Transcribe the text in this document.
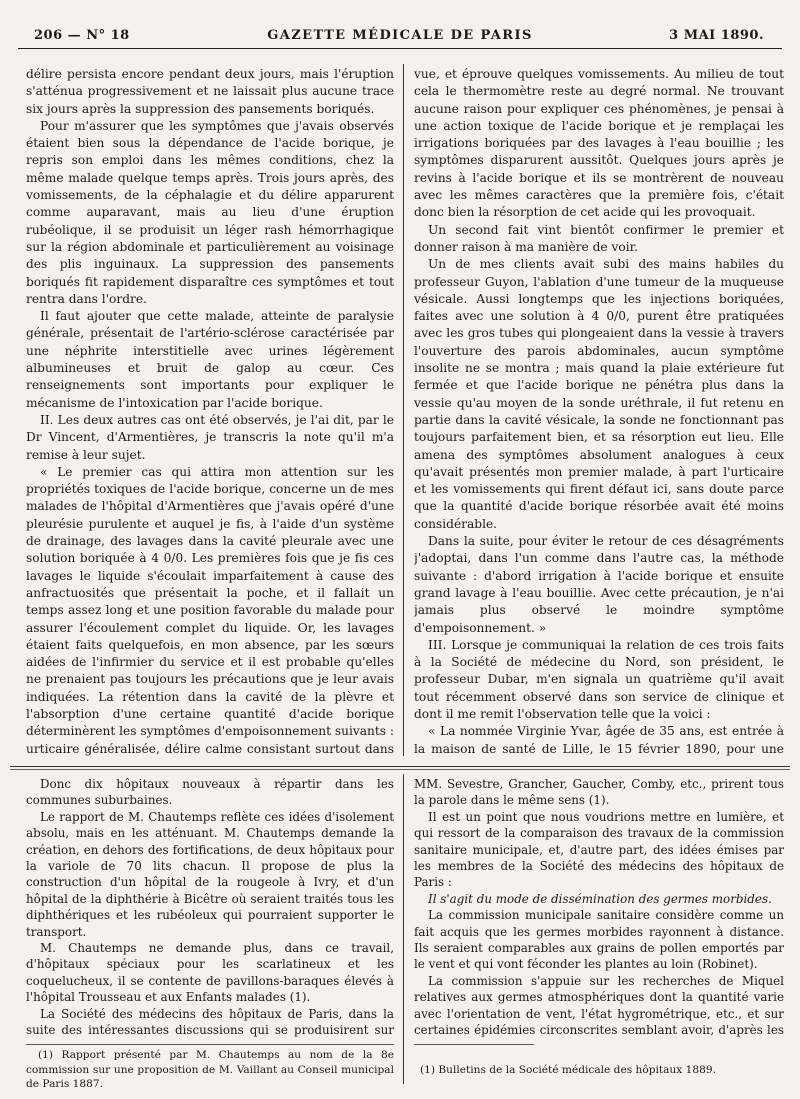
206 — N° 18	GAZETTE MÉDICALE DE PARIS	3 MAI 1890.

délire persista encore pendant deux jours, mais l'éruption s'atténua progressivement et ne laissait plus aucune trace six jours après la suppression des pansements boriqués.

Pour m'assurer que les symptômes que j'avais observés étaient bien sous la dépendance de l'acide borique, je repris son emploi dans les mêmes conditions, chez la même malade quelque temps après. Trois jours après, des vomissements, de la céphalagie et du délire apparurent comme auparavant, mais au lieu d'une éruption rubéolique, il se produisit un léger rash hémorrhagique sur la région abdominale et particulièrement au voisinage des plis inguinaux. La suppression des pansements boriqués fit rapidement disparaître ces symptômes et tout rentra dans l'ordre.

Il faut ajouter que cette malade, atteinte de paralysie générale, présentait de l'artério-sclérose caractérisée par une néphrite interstitielle avec urines légèrement albumineuses et bruit de galop au cœur. Ces renseignements sont importants pour expliquer le mécanisme de l'intoxication par l'acide borique.

II. Les deux autres cas ont été observés, je l'ai dit, par le Dr Vincent, d'Armentières, je transcris la note qu'il m'a remise à leur sujet.

« Le premier cas qui attira mon attention sur les propriétés toxiques de l'acide borique, concerne un de mes malades de l'hôpital d'Armentières que j'avais opéré d'une pleurésie purulente et auquel je fis, à l'aide d'un système de drainage, des lavages dans la cavité pleurale avec une solution boriquée à 4 0/0. Les premières fois que je fis ces lavages le liquide s'écoulait imparfaitement à cause des anfractuosités que présentait la poche, et il fallait un temps assez long et une position favorable du malade pour assurer l'écoulement complet du liquide. Or, les lavages étaient faits quelquefois, en mon absence, par les sœurs aidées de l'infirmier du service et il est probable qu'elles ne prenaient pas toujours les précautions que je leur avais indiquées. La rétention dans la cavité de la plèvre et l'absorption d'une certaine quantité d'acide borique déterminèrent les symptômes d'empoisonnement suivants : urticaire généralisée, délire calme consistant surtout dans

vue, et éprouve quelques vomissements. Au milieu de tout cela le thermomètre reste au degré normal. Ne trouvant aucune raison pour expliquer ces phénomènes, je pensai à une action toxique de l'acide borique et je remplaçai les irrigations boriquées par des lavages à l'eau bouillie ; les symptômes disparurent aussitôt. Quelques jours après je revins à l'acide borique et ils se montrèrent de nouveau avec les mêmes caractères que la première fois, c'était donc bien la résorption de cet acide qui les provoquait.

Un second fait vint bientôt confirmer le premier et donner raison à ma manière de voir.

Un de mes clients avait subi des mains habiles du professeur Guyon, l'ablation d'une tumeur de la muqueuse vésicale. Aussi longtemps que les injections boriquées, faites avec une solution à 4 0/0, purent être pratiquées avec les gros tubes qui plongeaient dans la vessie à travers l'ouverture des parois abdominales, aucun symptôme insolite ne se montra ; mais quand la plaie extérieure fut fermée et que l'acide borique ne pénétra plus dans la vessie qu'au moyen de la sonde uréthrale, il fut retenu en partie dans la cavité vésicale, la sonde ne fonctionnant pas toujours parfaitement bien, et sa résorption eut lieu. Elle amena des symptômes absolument analogues à ceux qu'avait présentés mon premier malade, à part l'urticaire et les vomissements qui firent défaut ici, sans doute parce que la quantité d'acide borique résorbée avait été moins considérable.

Dans la suite, pour éviter le retour de ces désagréments j'adoptai, dans l'un comme dans l'autre cas, la méthode suivante : d'abord irrigation à l'acide borique et ensuite grand lavage à l'eau bouillie. Avec cette précaution, je n'ai jamais plus observé le moindre symptôme d'empoisonnement. »

III. Lorsque je communiquai la relation de ces trois faits à la Société de médecine du Nord, son président, le professeur Dubar, m'en signala un quatrième qu'il avait tout récemment observé dans son service de clinique et dont il me remit l'observation telle que la voici :

« La nommée Virginie Yvar, âgée de 35 ans, est entrée à la maison de santé de Lille, le 15 février 1890, pour une

Donc dix hôpitaux nouveaux à répartir dans les communes suburbaines.

Le rapport de M. Chautemps reflète ces idées d'isolement absolu, mais en les atténuant. M. Chautemps demande la création, en dehors des fortifications, de deux hôpitaux pour la variole de 70 lits chacun. Il propose de plus la construction d'un hôpital de la rougeole à Ivry, et d'un hôpital de la diphthérie à Bicêtre où seraient traités tous les diphthériques et les rubéoleux qui pourraient supporter le transport.

M. Chautemps ne demande plus, dans ce travail, d'hôpitaux spéciaux pour les scarlatineux et les coquelucheux, il se contente de pavillons-baraques élevés à l'hôpital Trousseau et aux Enfants malades (1).

La Société des médecins des hôpitaux de Paris, dans la suite des intéressantes discussions qui se produisirent sur

MM. Sevestre, Grancher, Gaucher, Comby, etc., prirent tous la parole dans le même sens (1).

Il est un point que nous voudrions mettre en lumière, et qui ressort de la comparaison des travaux de la commission sanitaire municipale, et, d'autre part, des idées émises par les membres de la Société des médecins des hôpitaux de Paris :

Il s'agit du mode de dissémination des germes morbides.

La commission municipale sanitaire considère comme un fait acquis que les germes morbides rayonnent à distance. Ils seraient comparables aux grains de pollen emportés par le vent et qui vont féconder les plantes au loin (Robinet).

La commission s'appuie sur les recherches de Miquel relatives aux germes atmosphériques dont la quantité varie avec l'orientation de vent, l'état hygrométrique, etc., et sur certaines épidémies circonscrites semblant avoir, d'après les

(1) Rapport présenté par M. Chautemps au nom de la 8e commission sur une proposition de M. Vaillant au Conseil municipal de Paris 1887.
(1) Bulletins de la Société médicale des hôpitaux 1889.
